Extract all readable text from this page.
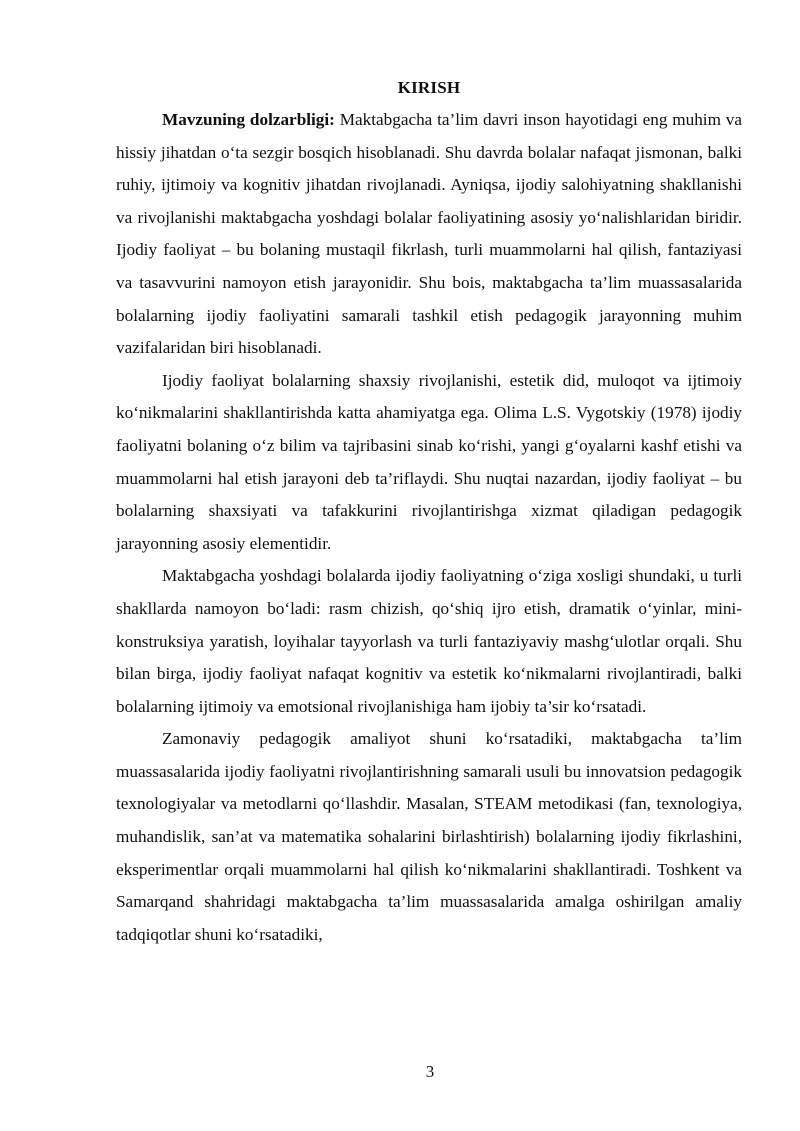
KIRISH

Mavzuning dolzarbligi: Maktabgacha ta’lim davri inson hayotidagi eng muhim va hissiy jihatdan o‘ta sezgir bosqich hisoblanadi. Shu davrda bolalar nafaqat jismonan, balki ruhiy, ijtimoiy va kognitiv jihatdan rivojlanadi. Ayniqsa, ijodiy salohiyatning shakllanishi va rivojlanishi maktabgacha yoshdagi bolalar faoliyatining asosiy yo‘nalishlaridan biridir. Ijodiy faoliyat – bu bolaning mustaqil fikrlash, turli muammolarni hal qilish, fantaziyasi va tasavvurini namoyon etish jarayonidir. Shu bois, maktabgacha ta’lim muassasalarida bolalarning ijodiy faoliyatini samarali tashkil etish pedagogik jarayonning muhim vazifalaridan biri hisoblanadi.

Ijodiy faoliyat bolalarning shaxsiy rivojlanishi, estetik did, muloqot va ijtimoiy ko‘nikmalarini shakllantirishda katta ahamiyatga ega. Olima L.S. Vygotskiy (1978) ijodiy faoliyatni bolaning o‘z bilim va tajribasini sinab ko‘rishi, yangi g‘oyalarni kashf etishi va muammolarni hal etish jarayoni deb ta’riflaydi. Shu nuqtai nazardan, ijodiy faoliyat – bu bolalarning shaxsiyati va tafakkurini rivojlantirishga xizmat qiladigan pedagogik jarayonning asosiy elementidir.

Maktabgacha yoshdagi bolalarda ijodiy faoliyatning o‘ziga xosligi shundaki, u turli shakllarda namoyon bo‘ladi: rasm chizish, qo‘shiq ijro etish, dramatik o‘yinlar, mini-konstruksiya yaratish, loyihalar tayyorlash va turli fantaziyaviy mashg‘ulotlar orqali. Shu bilan birga, ijodiy faoliyat nafaqat kognitiv va estetik ko‘nikmalarni rivojlantiradi, balki bolalarning ijtimoiy va emotsional rivojlanishiga ham ijobiy ta’sir ko‘rsatadi.

Zamonaviy pedagogik amaliyot shuni ko‘rsatadiki, maktabgacha ta’lim muassasalarida ijodiy faoliyatni rivojlantirishning samarali usuli bu innovatsion pedagogik texnologiyalar va metodlarni qo‘llashdir. Masalan, STEAM metodikasi (fan, texnologiya, muhandislik, san’at va matematika sohalarini birlashtirish) bolalarning ijodiy fikrlashini, eksperimentlar orqali muammolarni hal qilish ko‘nikmalarini shakllantiradi. Toshkent va Samarqand shahridagi maktabgacha ta’lim muassasalarida amalga oshirilgan amaliy tadqiqotlar shuni ko‘rsatadiki,

3
